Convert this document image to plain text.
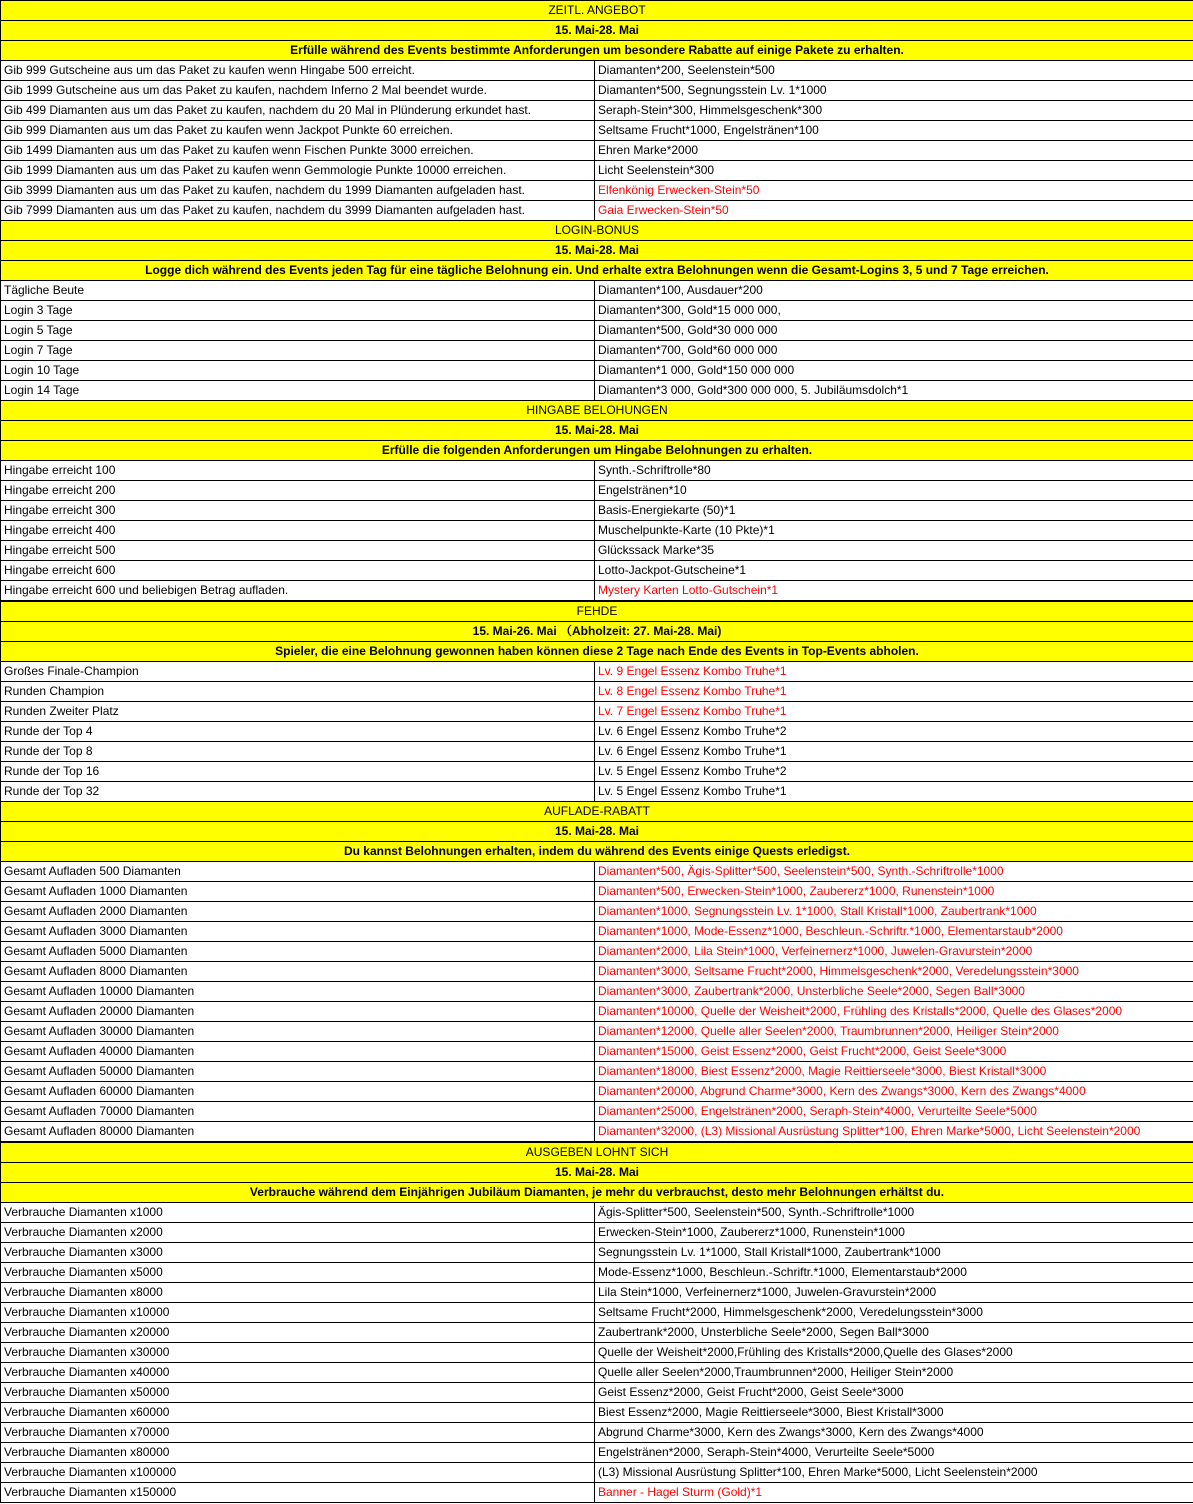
ZEITL. ANGEBOT	
15. Mai-28. Mai	
Erfülle während des Events bestimmte Anforderungen um besondere Rabatte auf einige Pakete zu erhalten.	
Gib 999 Gutscheine aus um das Paket zu kaufen wenn Hingabe 500 erreicht.	Diamanten*200, Seelenstein*500
Gib 1999 Gutscheine aus um das Paket zu kaufen, nachdem Inferno 2 Mal beendet wurde.	Diamanten*500, Segnungsstein Lv. 1*1000
Gib 499 Diamanten aus um das Paket zu kaufen, nachdem du 20 Mal in Plünderung erkundet hast.	Seraph-Stein*300, Himmelsgeschenk*300
Gib 999 Diamanten aus um das Paket zu kaufen wenn Jackpot Punkte 60 erreichen.	Seltsame Frucht*1000, Engelstränen*100
Gib 1499 Diamanten aus um das Paket zu kaufen wenn Fischen Punkte 3000 erreichen.	Ehren Marke*2000
Gib 1999 Diamanten aus um das Paket zu kaufen wenn Gemmologie Punkte 10000 erreichen.	Licht Seelenstein*300
Gib 3999 Diamanten aus um das Paket zu kaufen, nachdem du 1999 Diamanten aufgeladen hast.	Elfenkönig Erwecken-Stein*50
Gib 7999 Diamanten aus um das Paket zu kaufen, nachdem du 3999 Diamanten aufgeladen hast.	Gaia Erwecken-Stein*50
LOGIN-BONUS	
15. Mai-28. Mai	
Logge dich während des Events jeden Tag für eine tägliche Belohnung ein. Und erhalte extra Belohnungen wenn die Gesamt-Logins 3, 5 und 7 Tage erreichen.	
Tägliche Beute	Diamanten*100, Ausdauer*200
Login 3 Tage	Diamanten*300, Gold*15 000 000,
Login 5 Tage	Diamanten*500, Gold*30 000 000
Login 7 Tage	Diamanten*700, Gold*60 000 000
Login 10 Tage	Diamanten*1 000, Gold*150 000 000
Login 14 Tage	Diamanten*3 000, Gold*300 000 000, 5. Jubiläumsdolch*1
HINGABE BELOHUNGEN	
15. Mai-28. Mai	
Erfülle die folgenden Anforderungen um Hingabe Belohnungen zu erhalten.	
Hingabe erreicht 100	Synth.-Schriftrolle*80
Hingabe erreicht 200	Engelstränen*10
Hingabe erreicht 300	Basis-Energiekarte (50)*1
Hingabe erreicht 400	Muschelpunkte-Karte (10 Pkte)*1
Hingabe erreicht 500	Glückssack Marke*35
Hingabe erreicht 600	Lotto-Jackpot-Gutscheine*1
Hingabe erreicht 600 und beliebigen Betrag aufladen.	Mystery Karten Lotto-Gutschein*1
FEHDE	
15. Mai-26. Mai （Abholzeit: 27. Mai-28. Mai)	
Spieler, die eine Belohnung gewonnen haben können diese 2 Tage nach Ende des Events in Top-Events abholen.	
Großes Finale-Champion	Lv. 9 Engel Essenz Kombo Truhe*1
Runden Champion	Lv. 8 Engel Essenz Kombo Truhe*1
Runden Zweiter Platz	Lv. 7 Engel Essenz Kombo Truhe*1
Runde der Top 4	Lv. 6 Engel Essenz Kombo Truhe*2
Runde der Top 8	Lv. 6 Engel Essenz Kombo Truhe*1
Runde der Top 16	Lv. 5 Engel Essenz Kombo Truhe*2
Runde der Top 32	Lv. 5 Engel Essenz Kombo Truhe*1
AUFLADE-RABATT	
15. Mai-28. Mai	
Du kannst Belohnungen erhalten, indem du während des Events einige Quests erledigst.	
Gesamt Aufladen 500 Diamanten	Diamanten*500, Ägis-Splitter*500, Seelenstein*500, Synth.-Schriftrolle*1000
Gesamt Aufladen 1000 Diamanten	Diamanten*500, Erwecken-Stein*1000, Zaubererz*1000, Runenstein*1000
Gesamt Aufladen 2000 Diamanten	Diamanten*1000, Segnungsstein Lv. 1*1000, Stall Kristall*1000, Zaubertrank*1000
Gesamt Aufladen 3000 Diamanten	Diamanten*1000, Mode-Essenz*1000, Beschleun.-Schriftr.*1000, Elementarstaub*2000
Gesamt Aufladen 5000 Diamanten	Diamanten*2000, Lila Stein*1000, Verfeinernerz*1000, Juwelen-Gravurstein*2000
Gesamt Aufladen 8000 Diamanten	Diamanten*3000, Seltsame Frucht*2000, Himmelsgeschenk*2000, Veredelungsstein*3000
Gesamt Aufladen 10000 Diamanten	Diamanten*3000, Zaubertrank*2000, Unsterbliche Seele*2000, Segen Ball*3000
Gesamt Aufladen 20000 Diamanten	Diamanten*10000, Quelle der Weisheit*2000, Frühling des Kristalls*2000, Quelle des Glases*2000
Gesamt Aufladen 30000 Diamanten	Diamanten*12000, Quelle aller Seelen*2000, Traumbrunnen*2000, Heiliger Stein*2000
Gesamt Aufladen 40000 Diamanten	Diamanten*15000, Geist Essenz*2000, Geist Frucht*2000, Geist Seele*3000
Gesamt Aufladen 50000 Diamanten	Diamanten*18000, Biest Essenz*2000, Magie Reittierseele*3000, Biest Kristall*3000
Gesamt Aufladen 60000 Diamanten	Diamanten*20000, Abgrund Charme*3000, Kern des Zwangs*3000, Kern des Zwangs*4000
Gesamt Aufladen 70000 Diamanten	Diamanten*25000, Engelstränen*2000, Seraph-Stein*4000, Verurteilte Seele*5000
Gesamt Aufladen 80000 Diamanten	Diamanten*32000, (L3) Missional Ausrüstung Splitter*100, Ehren Marke*5000, Licht Seelenstein*2000
AUSGEBEN LOHNT SICH	
15. Mai-28. Mai	
Verbrauche während dem Einjährigen Jubiläum Diamanten, je mehr du verbrauchst, desto mehr Belohnungen erhältst du.	
Verbrauche Diamanten x1000	Ägis-Splitter*500, Seelenstein*500, Synth.-Schriftrolle*1000
Verbrauche Diamanten x2000	Erwecken-Stein*1000, Zaubererz*1000, Runenstein*1000
Verbrauche Diamanten x3000	Segnungsstein Lv. 1*1000, Stall Kristall*1000, Zaubertrank*1000
Verbrauche Diamanten x5000	Mode-Essenz*1000, Beschleun.-Schriftr.*1000, Elementarstaub*2000
Verbrauche Diamanten x8000	Lila Stein*1000, Verfeinernerz*1000, Juwelen-Gravurstein*2000
Verbrauche Diamanten x10000	Seltsame Frucht*2000, Himmelsgeschenk*2000, Veredelungsstein*3000
Verbrauche Diamanten x20000	Zaubertrank*2000, Unsterbliche Seele*2000, Segen Ball*3000
Verbrauche Diamanten x30000	Quelle der Weisheit*2000,Frühling des Kristalls*2000,Quelle des Glases*2000
Verbrauche Diamanten x40000	Quelle aller Seelen*2000,Traumbrunnen*2000, Heiliger Stein*2000
Verbrauche Diamanten x50000	Geist Essenz*2000, Geist Frucht*2000, Geist Seele*3000
Verbrauche Diamanten x60000	Biest Essenz*2000, Magie Reittierseele*3000, Biest Kristall*3000
Verbrauche Diamanten x70000	Abgrund Charme*3000, Kern des Zwangs*3000, Kern des Zwangs*4000
Verbrauche Diamanten x80000	Engelstränen*2000, Seraph-Stein*4000, Verurteilte Seele*5000
Verbrauche Diamanten x100000	(L3) Missional Ausrüstung Splitter*100, Ehren Marke*5000, Licht Seelenstein*2000
Verbrauche Diamanten x150000	Banner - Hagel Sturm (Gold)*1
